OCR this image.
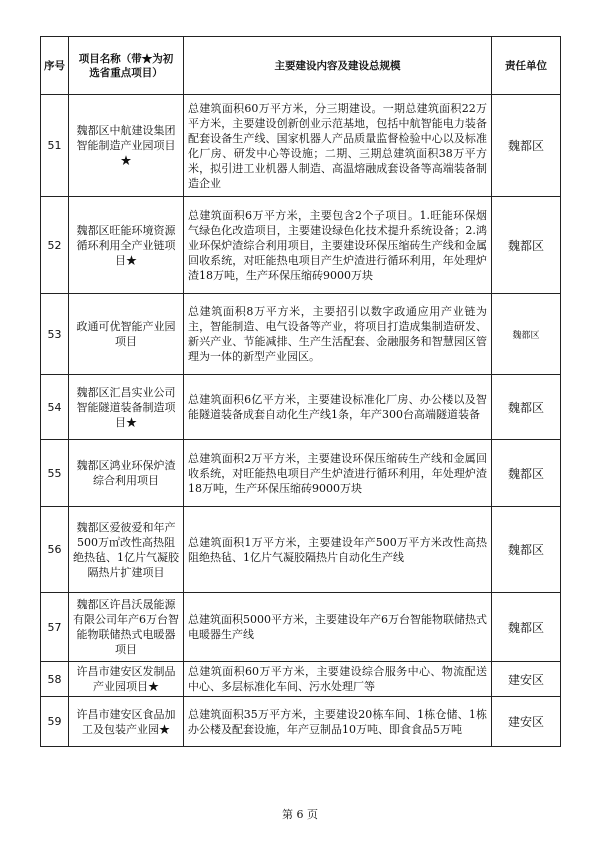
序号	项目名称（带★为初选省重点项目）	主要建设内容及建设总规模	责任单位
51	魏都区中航建设集团智能制造产业园项目★	总建筑面积60万平方米，分三期建设。一期总建筑面积22万平方米，主要建设创新创业示范基地，包括中航智能电力装备配套设备生产线、国家机器人产品质量监督检验中心以及标准化厂房、研发中心等设施；二期、三期总建筑面积38万平方米，拟引进工业机器人制造、高温熔融成套设备等高端装备制造企业	魏都区
52	魏都区旺能环境资源循环利用全产业链项目★	总建筑面积6万平方米，主要包含2个子项目。1.旺能环保烟气绿色化改造项目，主要建设绿色化技术提升系统设备；2.鸿业环保炉渣综合利用项目，主要建设环保压缩砖生产线和金属回收系统，对旺能热电项目产生炉渣进行循环利用，年处理炉渣18万吨，生产环保压缩砖9000万块	魏都区
53	政通可优智能产业园项目	总建筑面积8万平方米，主要招引以数字政通应用产业链为主，智能制造、电气设备等产业，将项目打造成集制造研发、新兴产业、节能减排、生产生活配套、金融服务和智慧园区管理为一体的新型产业园区。	魏都区
54	魏都区汇昌实业公司智能隧道装备制造项目★	总建筑面积6亿平方米，主要建设标准化厂房、办公楼以及智能隧道装备成套自动化生产线1条，年产300台高端隧道装备	魏都区
55	魏都区鸿业环保炉渣综合利用项目	总建筑面积2万平方米，主要建设环保压缩砖生产线和金属回收系统，对旺能热电项目产生炉渣进行循环利用，年处理炉渣18万吨，生产环保压缩砖9000万块	魏都区
56	魏都区爱彼爱和年产500万㎡改性高热阻绝热毡、1亿片气凝胶隔热片扩建项目	总建筑面积1万平方米，主要建设年产500万平方米改性高热阻绝热毡、1亿片气凝胶隔热片自动化生产线	魏都区
57	魏都区许昌沃晟能源有限公司年产6万台智能物联储热式电暖器项目	总建筑面积5000平方米，主要建设年产6万台智能物联储热式电暖器生产线	魏都区
58	许昌市建安区发制品产业园项目★	总建筑面积60万平方米，主要建设综合服务中心、物流配送中心、多层标准化车间、污水处理厂等	建安区
59	许昌市建安区食品加工及包装产业园★	总建筑面积35万平方米，主要建设20栋车间、1栋仓储、1栋办公楼及配套设施，年产豆制品10万吨、即食食品5万吨	建安区
第 6 页
